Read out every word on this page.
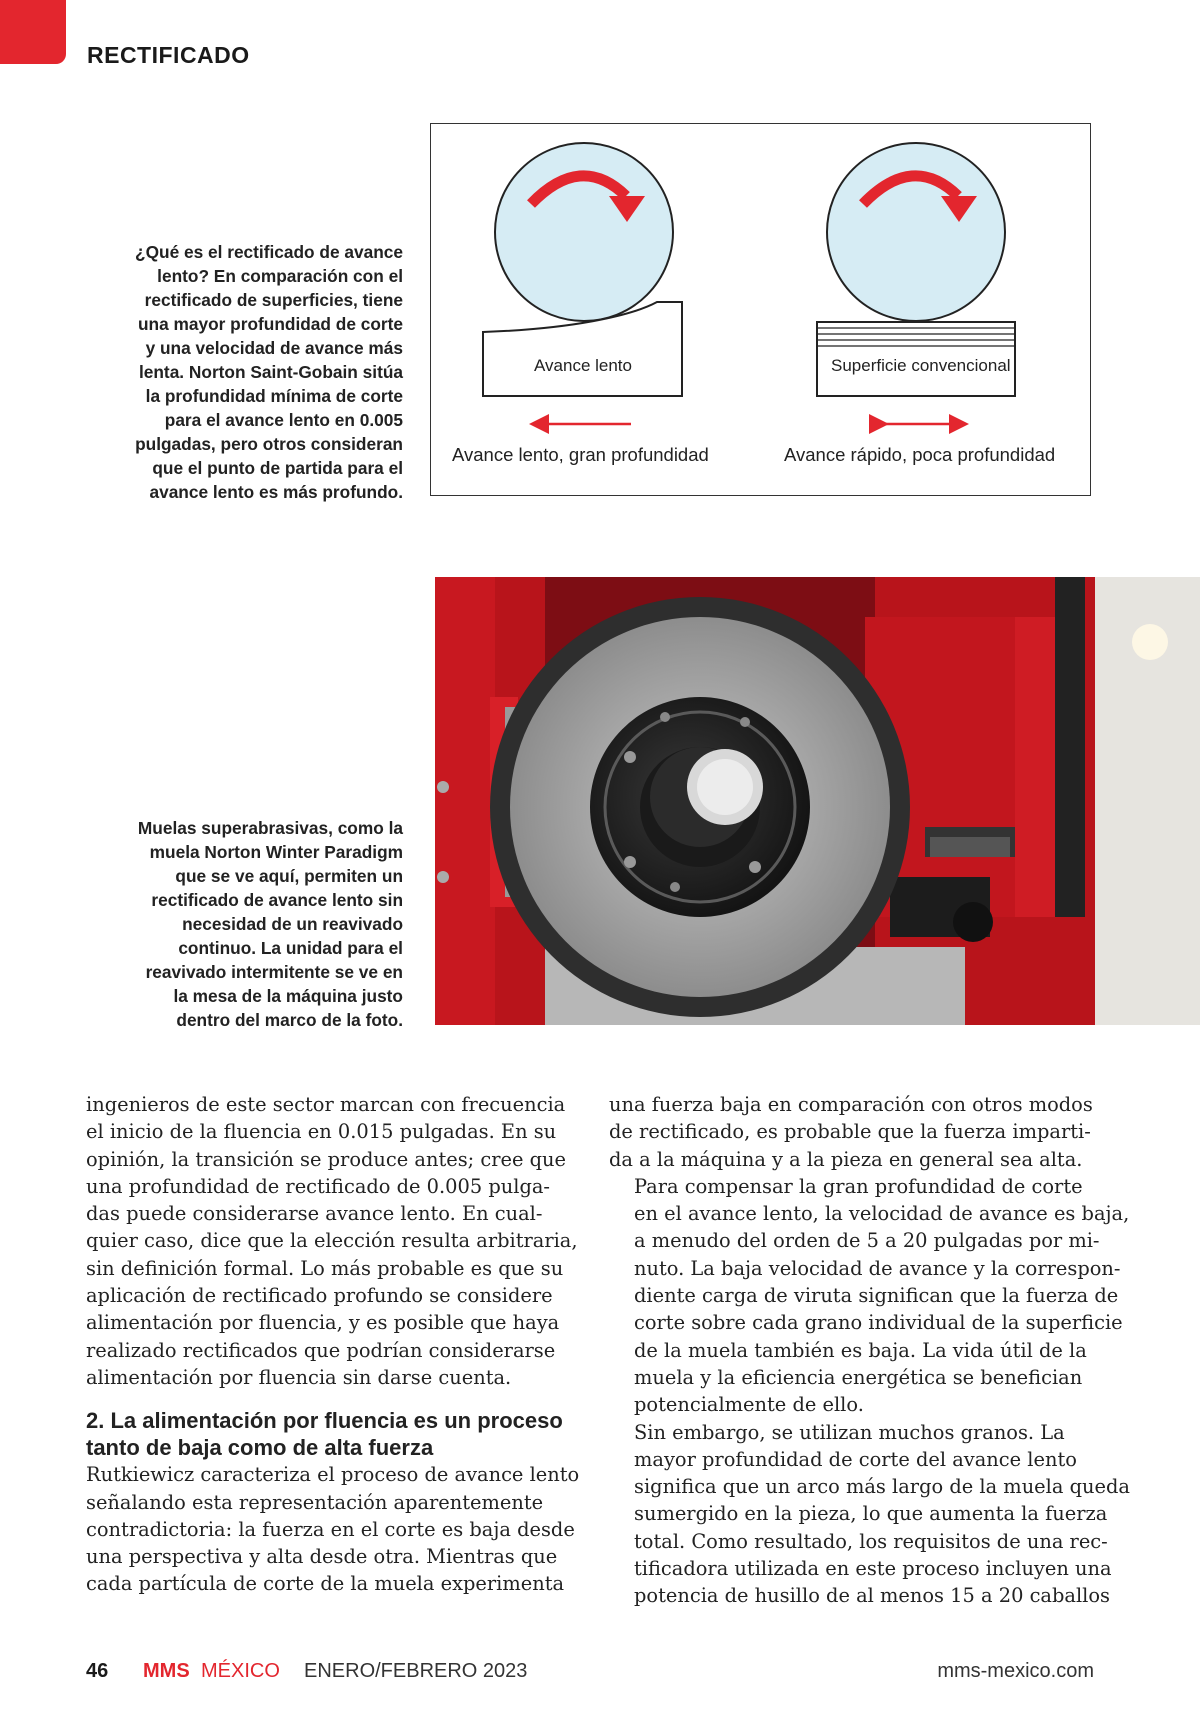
RECTIFICADO
¿Qué es el rectificado de avance
lento? En comparación con el
rectificado de superficies, tiene
una mayor profundidad de corte
y una velocidad de avance más
lenta. Norton Saint-Gobain sitúa
la profundidad mínima de corte
para el avance lento en 0.005
pulgadas, pero otros consideran
que el punto de partida para el
avance lento es más profundo.
Avance lento	Superficie convencional
Avance lento, gran profundidad	Avance rápido, poca profundidad
Muelas superabrasivas, como la
muela Norton Winter Paradigm
que se ve aquí, permiten un
rectificado de avance lento sin
necesidad de un reavivado
continuo. La unidad para el
reavivado intermitente se ve en
la mesa de la máquina justo
dentro del marco de la foto.

ingenieros de este sector marcan con frecuencia
el inicio de la fluencia en 0.015 pulgadas. En su
opinión, la transición se produce antes; cree que
una profundidad de rectificado de 0.005 pulga-
das puede considerarse avance lento. En cual-
quier caso, dice que la elección resulta arbitraria,
sin definición formal. Lo más probable es que su
aplicación de rectificado profundo se considere
alimentación por fluencia, y es posible que haya
realizado rectificados que podrían considerarse
alimentación por fluencia sin darse cuenta.

2. La alimentación por fluencia es un proceso
tanto de baja como de alta fuerza

Rutkiewicz caracteriza el proceso de avance lento
señalando esta representación aparentemente
contradictoria: la fuerza en el corte es baja desde
una perspectiva y alta desde otra. Mientras que
cada partícula de corte de la muela experimenta

una fuerza baja en comparación con otros modos
de rectificado, es probable que la fuerza imparti-
da a la máquina y a la pieza en general sea alta.

Para compensar la gran profundidad de corte
en el avance lento, la velocidad de avance es baja,
a menudo del orden de 5 a 20 pulgadas por mi-
nuto. La baja velocidad de avance y la correspon-
diente carga de viruta significan que la fuerza de
corte sobre cada grano individual de la superficie
de la muela también es baja. La vida útil de la
muela y la eficiencia energética se benefician
potencialmente de ello.

Sin embargo, se utilizan muchos granos. La
mayor profundidad de corte del avance lento
significa que un arco más largo de la muela queda
sumergido en la pieza, lo que aumenta la fuerza
total. Como resultado, los requisitos de una rec-
tificadora utilizada en este proceso incluyen una
potencia de husillo de al menos 15 a 20 caballos

46 MMS MÉXICO ENERO/FEBRERO 2023	mms-mexico.com
